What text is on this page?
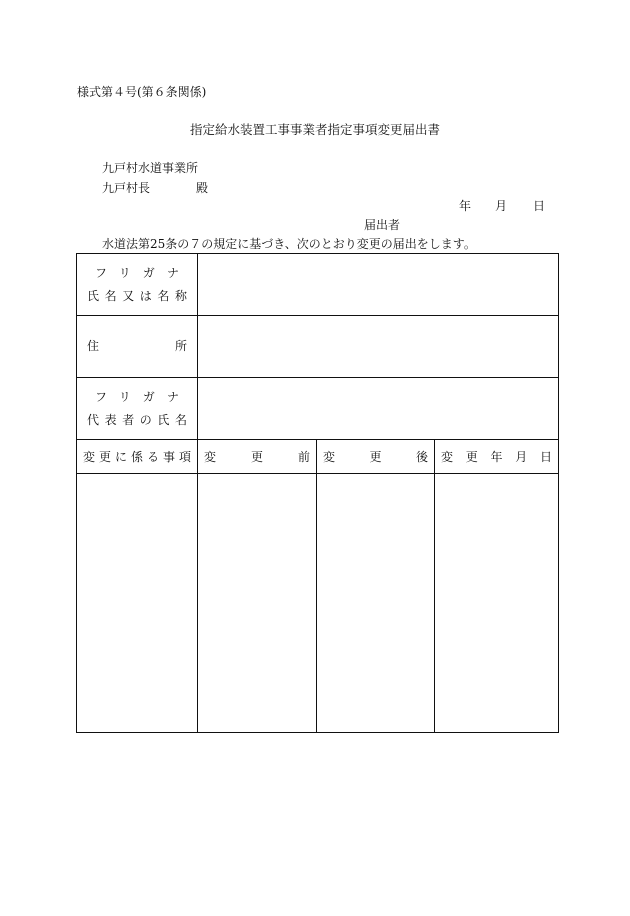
様式第４号(第６条関係)
指定給水装置工事事業者指定事項変更届出書
九戸村水道事業所
九戸村長	殿
年 月 日
届出者
水道法第25条の７の規定に基づき、次のとおり変更の届出をします。
フリガナ
氏名又は名称			

住所			

フリガナ
代表者の氏名			

変更に係る事項	変更前	変更後	変更年月日
